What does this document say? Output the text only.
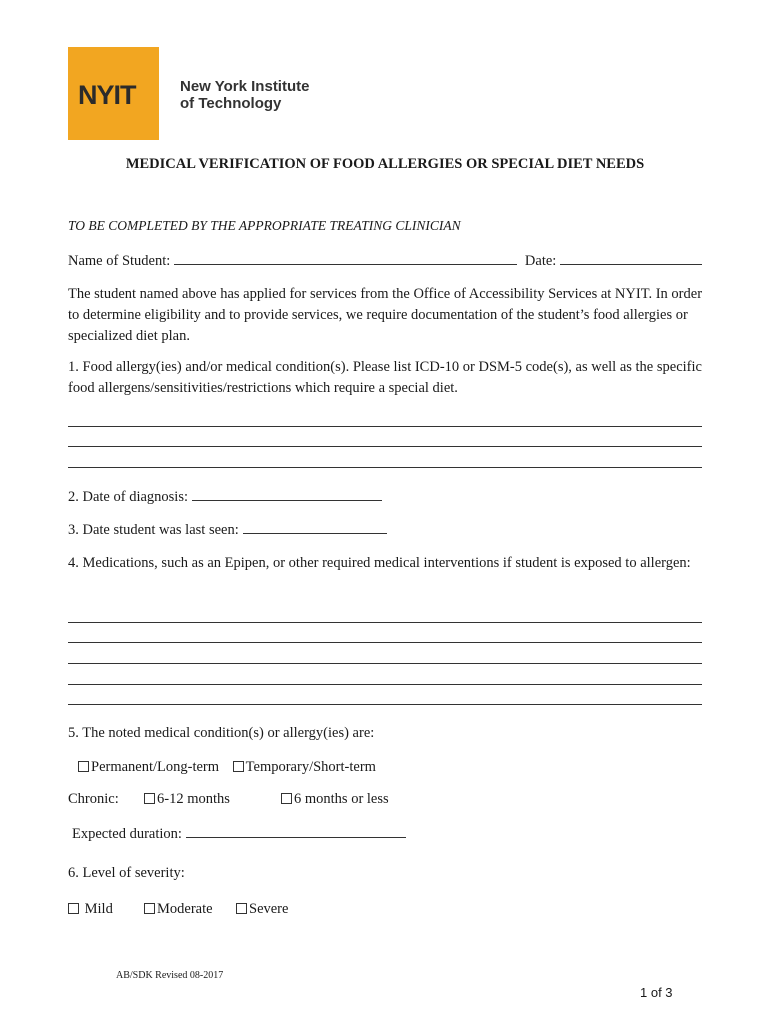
NYIT	New York Institute
of Technology
MEDICAL VERIFICATION OF FOOD ALLERGIES OR SPECIAL DIET NEEDS
TO BE COMPLETED BY THE APPROPRIATE TREATING CLINICIAN
Name of Student:	Date:
The student named above has applied for services from the Office of Accessibility Services at NYIT. In order to determine eligibility and to provide services, we require documentation of the student’s food allergies or specialized diet plan.
1. Food allergy(ies) and/or medical condition(s). Please list ICD-10 or DSM-5 code(s), as well as the specific food allergens/sensitivities/restrictions which require a special diet.
2. Date of diagnosis:
3. Date student was last seen:
4. Medications, such as an Epipen, or other required medical interventions if student is exposed to allergen:
5. The noted medical condition(s) or allergy(ies) are:
Permanent/Long-term Temporary/Short-term
Chronic:	6-12 months	6 months or less
Expected duration:
6. Level of severity:
Mild	Moderate	Severe
AB/SDK Revised 08-2017
1 of 3
